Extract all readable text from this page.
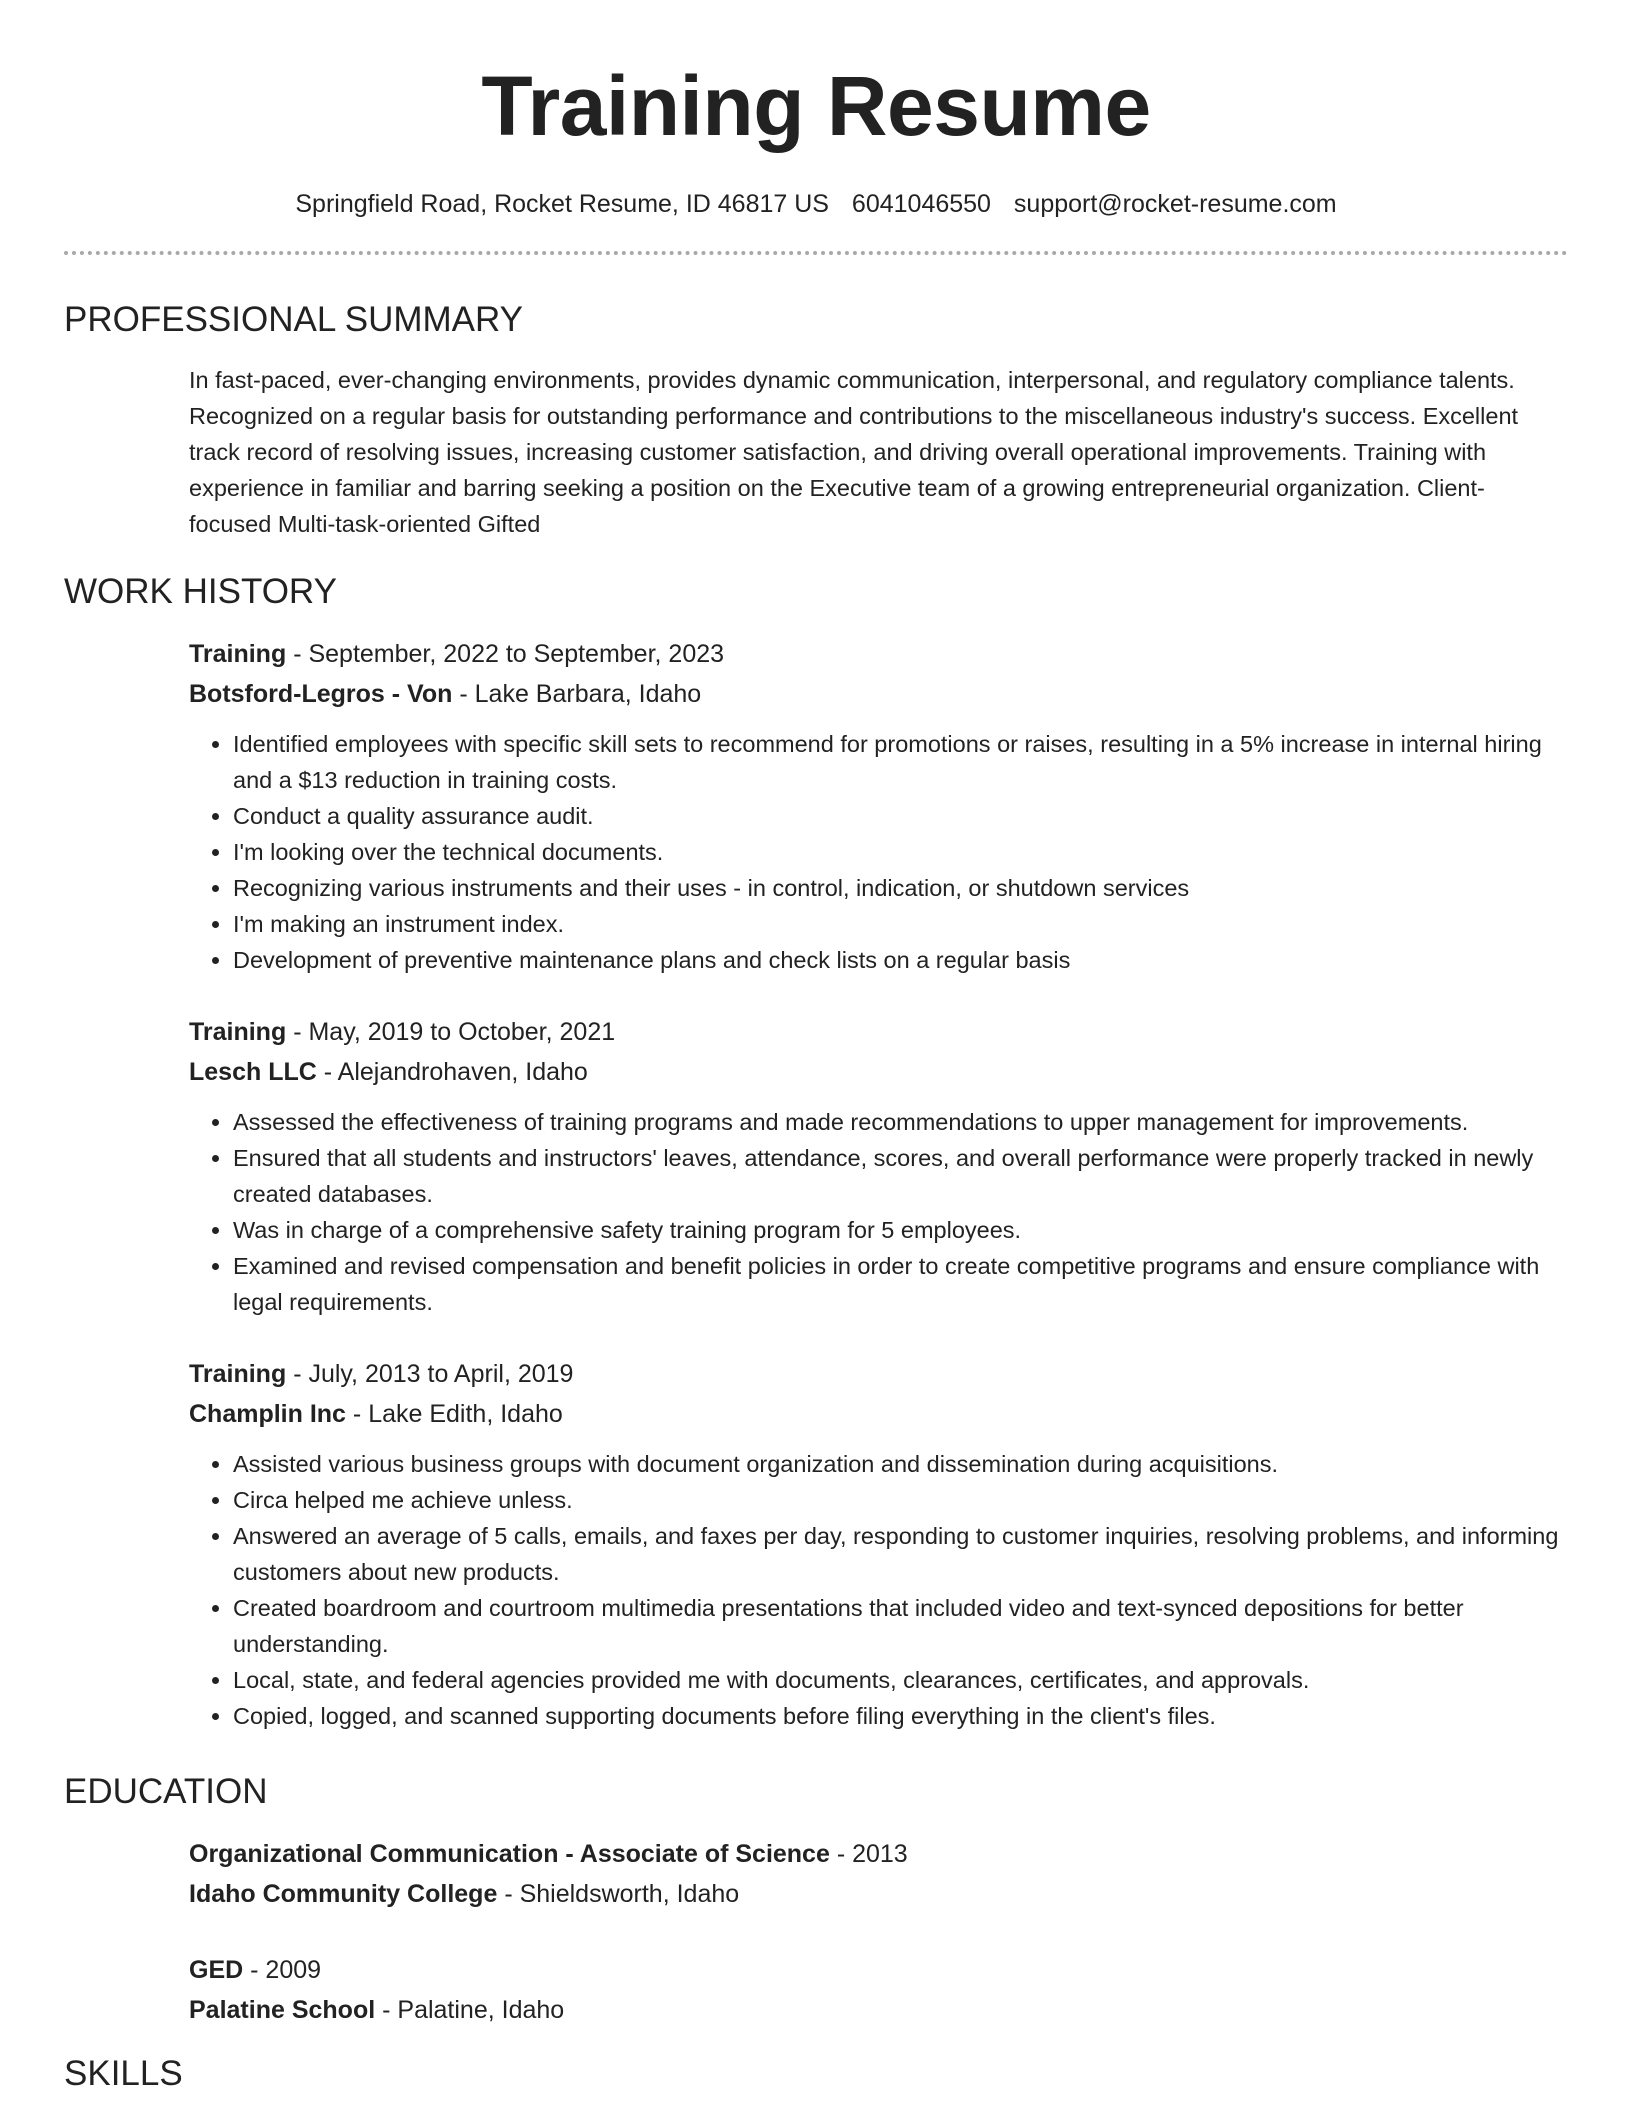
Training Resume
Springfield Road, Rocket Resume, ID 46817 US 6041046550 support@rocket-resume.com
PROFESSIONAL SUMMARY
In fast-paced, ever-changing environments, provides dynamic communication, interpersonal, and regulatory compliance talents. Recognized on a regular basis for outstanding performance and contributions to the miscellaneous industry's success. Excellent track record of resolving issues, increasing customer satisfaction, and driving overall operational improvements. Training with experience in familiar and barring seeking a position on the Executive team of a growing entrepreneurial organization. Client-focused Multi-task-oriented Gifted
WORK HISTORY
Training - September, 2022 to September, 2023
Botsford-Legros - Von - Lake Barbara, Idaho
• Identified employees with specific skill sets to recommend for promotions or raises, resulting in a 5% increase in internal hiring and a $13 reduction in training costs.
• Conduct a quality assurance audit.
• I'm looking over the technical documents.
• Recognizing various instruments and their uses - in control, indication, or shutdown services
• I'm making an instrument index.
• Development of preventive maintenance plans and check lists on a regular basis
Training - May, 2019 to October, 2021
Lesch LLC - Alejandrohaven, Idaho
• Assessed the effectiveness of training programs and made recommendations to upper management for improvements.
• Ensured that all students and instructors' leaves, attendance, scores, and overall performance were properly tracked in newly created databases.
• Was in charge of a comprehensive safety training program for 5 employees.
• Examined and revised compensation and benefit policies in order to create competitive programs and ensure compliance with legal requirements.
Training - July, 2013 to April, 2019
Champlin Inc - Lake Edith, Idaho
• Assisted various business groups with document organization and dissemination during acquisitions.
• Circa helped me achieve unless.
• Answered an average of 5 calls, emails, and faxes per day, responding to customer inquiries, resolving problems, and informing customers about new products.
• Created boardroom and courtroom multimedia presentations that included video and text-synced depositions for better understanding.
• Local, state, and federal agencies provided me with documents, clearances, certificates, and approvals.
• Copied, logged, and scanned supporting documents before filing everything in the client's files.
EDUCATION
Organizational Communication - Associate of Science - 2013
Idaho Community College - Shieldsworth, Idaho
GED - 2009
Palatine School - Palatine, Idaho
SKILLS
